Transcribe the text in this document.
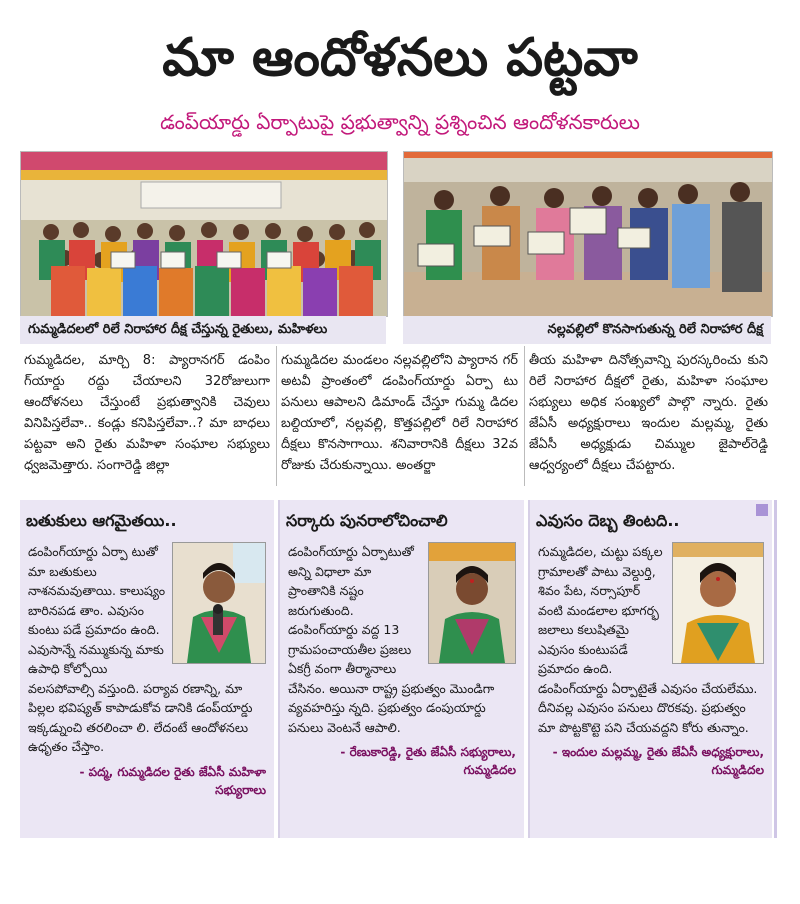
మా ఆందోళనలు పట్టవా
డంప్‌యార్డు ఏర్పాటుపై ప్రభుత్వాన్ని ప్రశ్నించిన ఆందోళనకారులు
గుమ్మడిదలలో రిలే నిరాహార దీక్ష చేస్తున్న రైతులు, మహిళలు	నల్లవల్లిలో కొనసాగుతున్న రిలే నిరాహార దీక్ష
గుమ్మడిదల, మార్చి 8: ప్యారానగర్ డంపిం గ్‌యార్డు రద్దు చేయాలని 32రోజులుగా ఆందోళనలు చేస్తుంటే ప్రభుత్వానికి చెవులు వినిపిస్తలేవా.. కండ్లు కనిపిస్తలేవా..? మా బాధలు పట్టవా అని రైతు మహిళా సంఘాల సభ్యులు ధ్వజమెత్తారు. సంగారెడ్డి జిల్లా
గుమ్మడిదల మండలం నల్లవల్లిలోని ప్యారాన గర్ అటవీ ప్రాంతంలో డంపింగ్‌యార్డు ఏర్పా టు పనులు ఆపాలని డిమాండ్ చేస్తూ గుమ్మ డిదల బల్దియాలో, నల్లవల్లి, కొత్తపల్లిలో రిలే నిరాహార దీక్షలు కొనసాగాయి. శనివారానికి దీక్షలు 32వ రోజుకు చేరుకున్నాయి. అంతర్జా
తీయ మహిళా దినోత్సవాన్ని పురస్కరించు కుని రిలే నిరాహార దీక్షలో రైతు, మహిళా సంఘాల సభ్యులు అధిక సంఖ్యలో పాల్గొ న్నారు. రైతు జేఏసీ అధ్యక్షురాలు ఇందుల మల్లమ్మ, రైతు జేఏసీ అధ్యక్షుడు చిమ్ముల జైపాల్‌రెడ్డి ఆధ్వర్యంలో దీక్షలు చేపట్టారు.
బతుకులు ఆగమైతయి..
డంపింగ్‌యార్డు ఏర్పా టుతో మా బతుకులు నాశనమవుతాయి. కాలుష్యం బారినపడ తాం. ఎవుసం కుంటు పడే ప్రమాదం ఉంది. ఎవుసాన్నే నమ్ముకున్న మాకు ఉపాధి కోల్పోయి వలసపోవాల్సి వస్తుంది. పర్యావ రణాన్ని, మా పిల్లల భవిష్యత్ కాపాడుకోవ డానికి డంప్‌యార్డు ఇక్కడ్నుంచి తరలించా లి. లేదంటే ఆందోళనలు ఉధృతం చేస్తాం.
- పద్మ, గుమ్మడిదల రైతు జేఏసీ మహిళా సభ్యురాలు
సర్కారు పునరాలోచించాలి
డంపింగ్‌యార్డు ఏర్పాటుతో అన్ని విధాలా మా ప్రాంతానికి నష్టం జరుగుతుంది. డంపింగ్‌యార్డు వద్ద 13 గ్రామపంచాయతీల ప్రజలు ఏకగ్రీ వంగా తీర్మానాలు చేసినం. అయినా రాష్ట్ర ప్రభుత్వం మొండిగా వ్యవహరిస్తు న్నది. ప్రభుత్వం డంపుయార్డు పనులు వెంటనే ఆపాలి.
- రేణుకారెడ్డి, రైతు జేఏసీ సభ్యురాలు, గుమ్మడిదల
ఎవుసం దెబ్బ తింటది..
గుమ్మడిదల, చుట్టు పక్కల గ్రామాలతో పాటు వెల్దుర్తి, శివం పేట, నర్సాపూర్ వంటి మండలాల భూగర్భ జలాలు కలుషితమై ఎవుసం కుంటుపడే ప్రమాదం ఉంది. డంపింగ్‌యార్డు ఏర్పాటైతే ఎవుసం చేయలేము. దీనివల్ల ఎవుసం పనులు దొరకవు. ప్రభుత్వం మా పొట్టకొట్టె పని చేయవద్దని కోరు తున్నాం.
- ఇందుల మల్లమ్మ, రైతు జేఏసీ అధ్యక్షురాలు, గుమ్మడిదల
